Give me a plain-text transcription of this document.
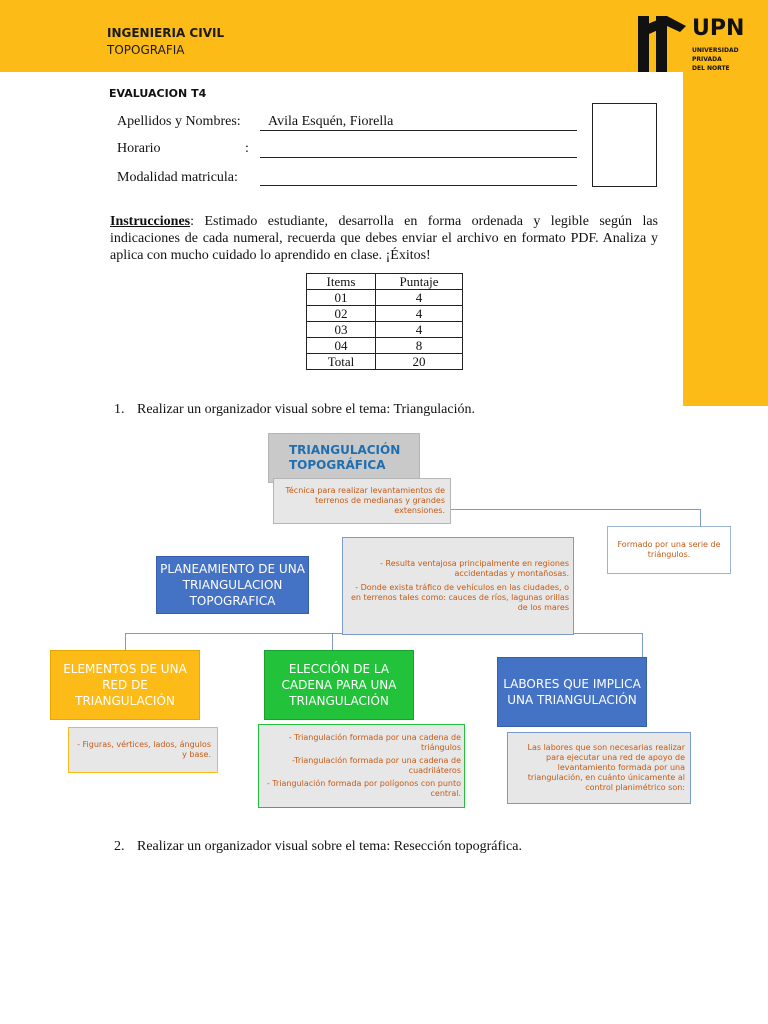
INGENIERIA CIVIL
TOPOGRAFIA
UPN
UNIVERSIDAD
PRIVADA
DEL NORTE
EVALUACION T4
Apellidos y Nombres: Avila Esquén, Fiorella
Horario	:
Modalidad matricula:
Instrucciones: Estimado estudiante, desarrolla en forma ordenada y legible según las indicaciones de cada numeral, recuerda que debes enviar el archivo en formato PDF. Analiza y aplica con mucho cuidado lo aprendido en clase. ¡Éxitos!
Items	Puntaje
01	4
02	4
03	4
04	8
Total	20
1. Realizar un organizador visual sobre el tema: Triangulación.
TRIANGULACIÓN TOPOGRÁFICA
Técnica para realizar levantamientos de terrenos de medianas y grandes extensiones.
Formado por una serie de triángulos.
- Resulta ventajosa principalmente en regiones accidentadas y montañosas.
- Donde exista tráfico de vehículos en las ciudades, o en terrenos tales como: cauces de ríos, lagunas orillas de los mares
PLANEAMIENTO DE UNA TRIANGULACION TOPOGRAFICA
ELEMENTOS DE UNA RED DE TRIANGULACIÓN
ELECCIÓN DE LA CADENA PARA UNA TRIANGULACIÓN
LABORES QUE IMPLICA UNA TRIANGULACIÓN
- Figuras, vértices, lados, ángulos y base.
- Triangulación formada por una cadena de triángulos
-Triangulación formada por una cadena de cuadriláteros
- Triangulación formada por polígonos con punto central.
Las labores que son necesarias realizar para ejecutar una red de apoyo de levantamiento formada por una triangulación, en cuánto únicamente al control planimétrico son:
2. Realizar un organizador visual sobre el tema: Resección topográfica.
